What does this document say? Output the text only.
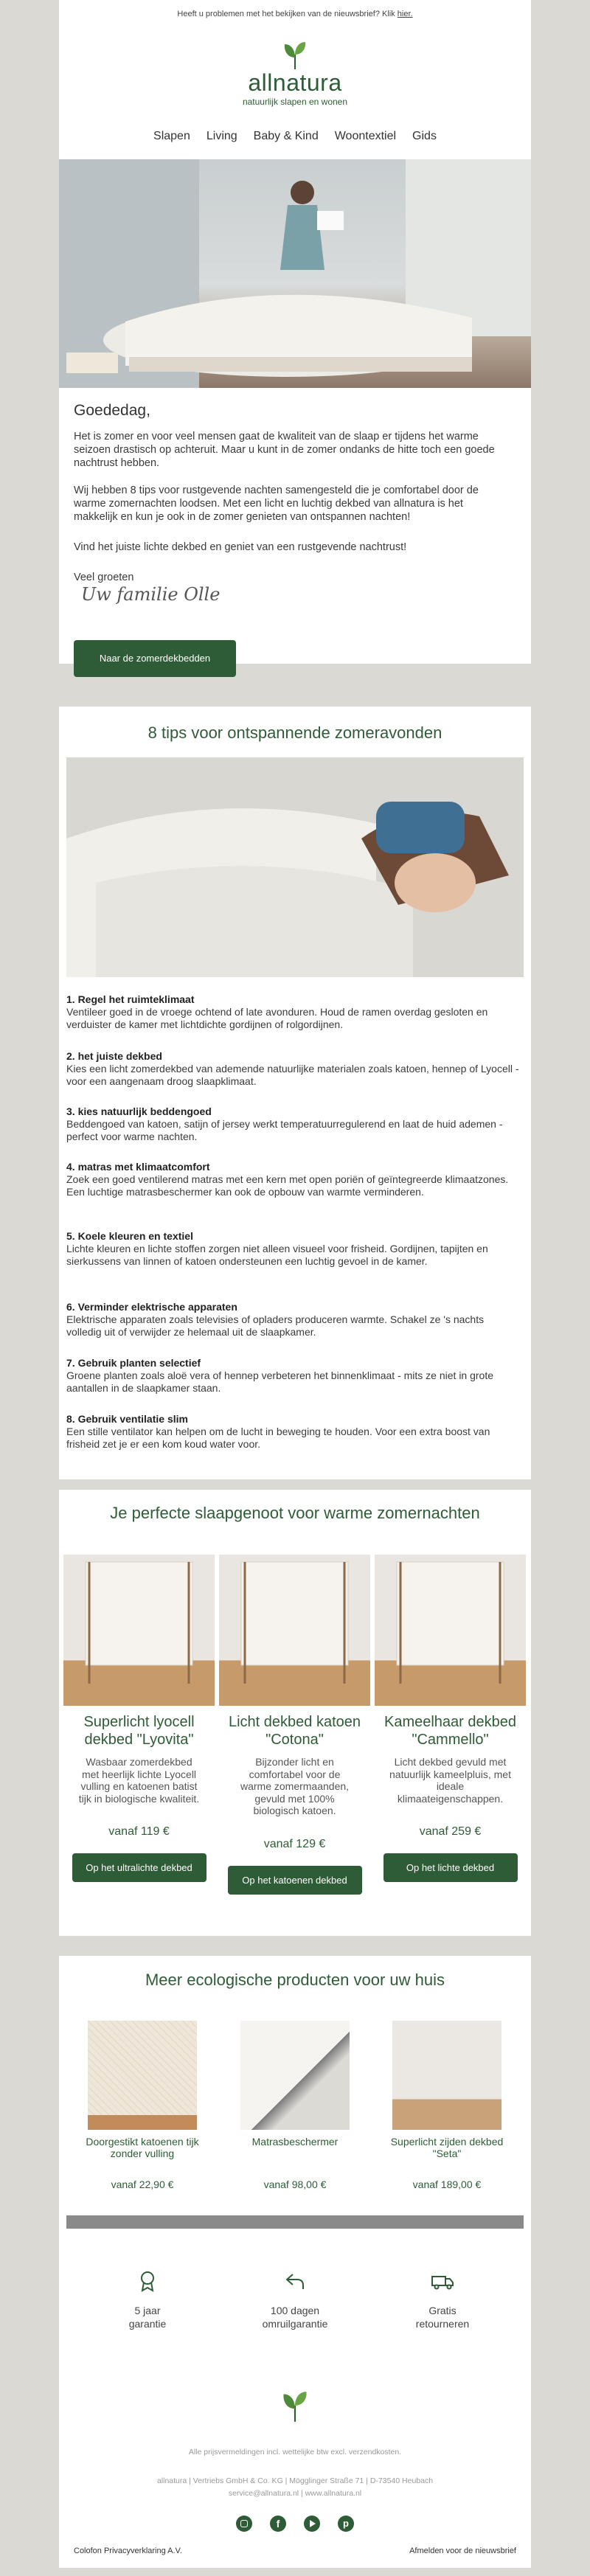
Heeft u problemen met het bekijken van de nieuwsbrief? Klik hier.
allnatura
natuurlijk slapen en wonen
Slapen Living Baby & Kind Woontextiel Gids
Goededag,
Het is zomer en voor veel mensen gaat de kwaliteit van de slaap er tijdens het warme seizoen drastisch op achteruit. Maar u kunt in de zomer ondanks de hitte toch een goede nachtrust hebben.
Wij hebben 8 tips voor rustgevende nachten samengesteld die je comfortabel door de warme zomernachten loodsen. Met een licht en luchtig dekbed van allnatura is het makkelijk en kun je ook in de zomer genieten van ontspannen nachten!
Vind het juiste lichte dekbed en geniet van een rustgevende nachtrust!
Veel groeten
Uw familie Olle
Naar de zomerdekbedden
8 tips voor ontspannende zomeravonden
1. Regel het ruimteklimaat
Ventileer goed in de vroege ochtend of late avonduren. Houd de ramen overdag gesloten en verduister de kamer met lichtdichte gordijnen of rolgordijnen.
2. het juiste dekbed
Kies een licht zomerdekbed van ademende natuurlijke materialen zoals katoen, hennep of Lyocell - voor een aangenaam droog slaapklimaat.
3. kies natuurlijk beddengoed
Beddengoed van katoen, satijn of jersey werkt temperatuurregulerend en laat de huid ademen - perfect voor warme nachten.
4. matras met klimaatcomfort
Zoek een goed ventilerend matras met een kern met open poriën of geïntegreerde klimaatzones. Een luchtige matrasbeschermer kan ook de opbouw van warmte verminderen.
5. Koele kleuren en textiel
Lichte kleuren en lichte stoffen zorgen niet alleen visueel voor frisheid. Gordijnen, tapijten en sierkussens van linnen of katoen ondersteunen een luchtig gevoel in de kamer.
6. Verminder elektrische apparaten
Elektrische apparaten zoals televisies of opladers produceren warmte. Schakel ze 's nachts volledig uit of verwijder ze helemaal uit de slaapkamer.
7. Gebruik planten selectief
Groene planten zoals aloë vera of hennep verbeteren het binnenklimaat - mits ze niet in grote aantallen in de slaapkamer staan.
8. Gebruik ventilatie slim
Een stille ventilator kan helpen om de lucht in beweging te houden. Voor een extra boost van frisheid zet je er een kom koud water voor.
Je perfecte slaapgenoot voor warme zomernachten
Superlicht lyocell dekbed "Lyovita"
Wasbaar zomerdekbed met heerlijk lichte Lyocell vulling en katoenen batist tijk in biologische kwaliteit.
vanaf 119 €
Op het ultralichte dekbed
Licht dekbed katoen "Cotona"
Bijzonder licht en comfortabel voor de warme zomermaanden, gevuld met 100% biologisch katoen.
vanaf 129 €
Op het katoenen dekbed
Kameelhaar dekbed "Cammello"
Licht dekbed gevuld met natuurlijk kameelpluis, met ideale klimaateigenschappen.
vanaf 259 €
Op het lichte dekbed
Meer ecologische producten voor uw huis
Doorgestikt katoenen tijk zonder vulling
vanaf 22,90 €
Matrasbeschermer
vanaf 98,00 €
Superlicht zijden dekbed "Seta"
vanaf 189,00 €
5 jaar
garantie
100 dagen
omruilgarantie
Gratis
retourneren
Alle prijsvermeldingen incl. wettelijke btw excl. verzendkosten.
allnatura | Vertriebs GmbH & Co. KG | Mögglinger Straße 71 | D-73540 Heubach
service@allnatura.nl | www.allnatura.nl
f	p
Colofon Privacyverklaring A.V.	Afmelden voor de nieuwsbrief
